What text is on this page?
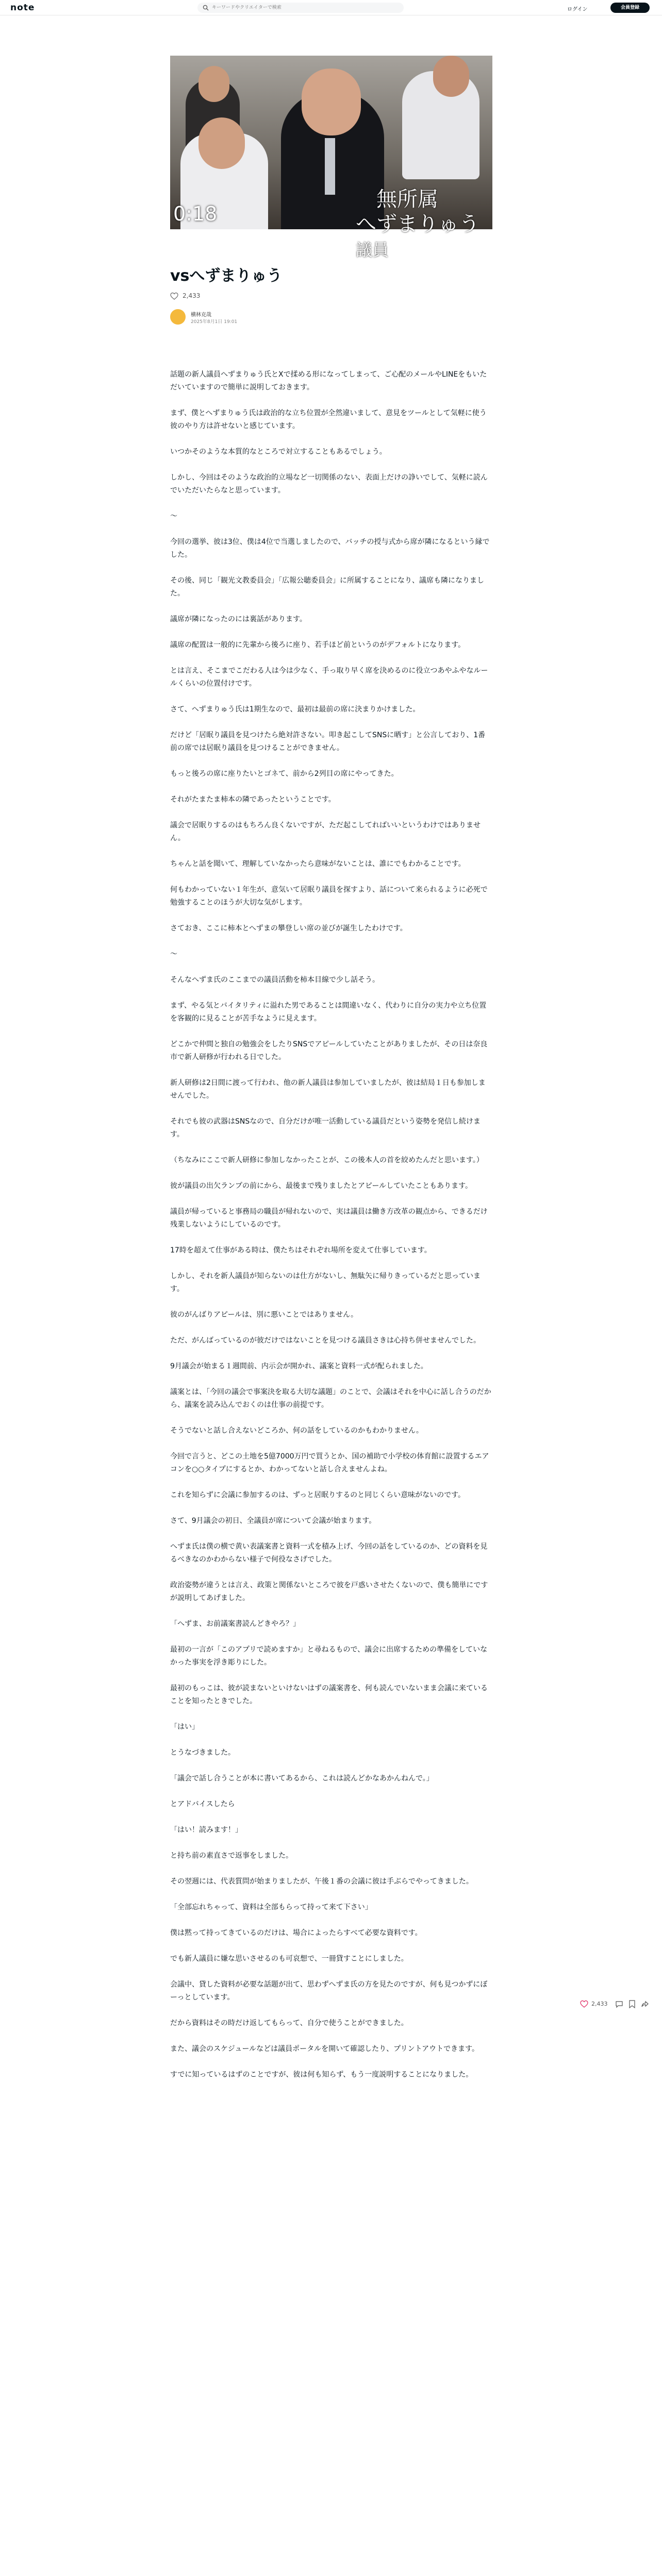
note
キーワードやクリエイターで検索	ログイン	会員登録
無所属
へずまりゅう議員
0:18
vsへずまりゅう
2,433
横林克哉
2025年8月1日 19:01

話題の新人議員へずまりゅう氏とXで揉める形になってしまって、ご心配のメールやLINEをもいただいていますので簡単に説明しておきます。

まず、僕とへずまりゅう氏は政治的な立ち位置が全然違いまして、意見をツールとして気軽に使う彼のやり方は許せないと感じています。

いつかそのような本質的なところで対立することもあるでしょう。

しかし、今回はそのような政治的立場など一切関係のない、表面上だけの諍いでして、気軽に読んでいただいたらなと思っています。

〜

今回の選挙、彼は3位、僕は4位で当選しましたので、バッチの授与式から席が隣になるという縁でした。

その後、同じ「観光文教委員会」「広報公聴委員会」に所属することになり、議席も隣になりました。

議席が隣になったのには裏話があります。

議席の配置は一般的に先輩から後ろに座り、若手ほど前というのがデフォルトになります。

とは言え、そこまでこだわる人は今は少なく、手っ取り早く席を決めるのに役立つあやふやなルールくらいの位置付けです。

さて、へずまりゅう氏は1期生なので、最初は最前の席に決まりかけました。

だけど「居眠り議員を見つけたら絶対許さない。叩き起こしてSNSに晒す」と公言しており、1番前の席では居眠り議員を見つけることができません。

もっと後ろの席に座りたいとゴネて、前から2列目の席にやってきた。

それがたまたま柿本の隣であったということです。

議会で居眠りするのはもちろん良くないですが、ただ起こしてればいいというわけではありません。

ちゃんと話を聞いて、理解していなかったら意味がないことは、誰にでもわかることです。

何もわかっていない１年生が、意気いて居眠り議員を探すより、話について来られるように必死で勉強することのほうが大切な気がします。

さておき、ここに柿本とへずまの攀登しい席の並びが誕生したわけです。

〜

そんなへずま氏のここまでの議員活動を柿本目線で少し話そう。

まず、やる気とバイタリティに溢れた男であることは間違いなく、代わりに自分の実力や立ち位置を客観的に見ることが苦手なように見えます。

どこかで仲間と独自の勉強会をしたりSNSでアピールしていたことがありましたが、その日は奈良市で新人研修が行われる日でした。

新人研修は2日間に渡って行われ、他の新人議員は参加していましたが、彼は結局１日も参加しませんでした。

それでも彼の武器はSNSなので、自分だけが唯一活動している議員だという姿勢を発信し続けます。

（ちなみにここで新人研修に参加しなかったことが、この後本人の首を絞めたんだと思います。）

彼が議員の出欠ランプの前にから、最後まで残りましたとアピールしていたこともあります。

議員が帰っていると事務局の職員が帰れないので、実は議員は働き方改革の観点から、できるだけ残業しないようにしているのです。

17時を超えて仕事がある時は、僕たちはそれぞれ場所を変えて仕事しています。

しかし、それを新人議員が知らないのは仕方がないし、無駄矢に帰りきっているだと思っています。

彼のがんばりアピールは、別に悪いことではありません。

ただ、がんばっているのが彼だけではないことを見つける議員さきは心持ち併せませんでした。

9月議会が始まる１週間前、内示会が開かれ、議案と資料一式が配られました。

議案とは、「今回の議会で事案決を取る大切な議題」のことで、会議はそれを中心に話し合うのだから、議案を読み込んでおくのは仕事の前提です。

そうでないと話し合えないどころか、何の話をしているのかもわかりません。

今回で言うと、どこの土地を5億7000万円で買うとか、国の補助で小学校の体育館に設置するエアコンを○○タイプにするとか、わかってないと話し合えませんよね。

これを知らずに会議に参加するのは、ずっと居眠りするのと同じくらい意味がないのです。

さて、9月議会の初日、全議員が席について会議が始まります。

へずま氏は僕の横で黄い表議案書と資料一式を積み上げ、今回の話をしているのか、どの資料を見るべきなのかわからない様子で何役なさげでした。

政治姿勢が違うとは言え、政策と関係ないところで彼を戸惑いさせたくないので、僕も簡単にですが説明してあげました。

「へずま、お前議案書読んどきやろ？」

最初の一言が「このアプリで読めますか」と尋ねるもので、議会に出席するための準備をしていなかった事実を浮き彫りにした。

最初のもっこは、彼が読まないといけないはずの議案書を、何も読んでいないまま会議に来ていることを知ったときでした。

「はい」

とうなづきました。

「議会で話し合うことが本に書いてあるから、これは読んどかなあかんねんで。」

とアドバイスしたら

「はい！読みます！」

と持ち前の素直さで返事をしました。

その翌週には、代表質問が始まりましたが、午後１番の会議に彼は手ぶらでやってきました。

「全部忘れちゃって、資料は全部もらって持って来て下さい」

僕は黙って持ってきているのだけは、場合によったらすべて必要な資料です。

でも新人議員に嫌な思いさせるのも可哀想で、一冊貸すことにしました。

会議中、貸した資料が必要な話題が出て、思わずへずま氏の方を見たのですが、何も見つかずにぼーっとしています。

だから資料はその時だけ返してもらって、自分で使うことができました。

また、議会のスケジュールなどは議員ポータルを開いて確認したり、プリントアウトできます。

すでに知っているはずのことですが、彼は何も知らず、もう一度説明することになりました。

2,433
